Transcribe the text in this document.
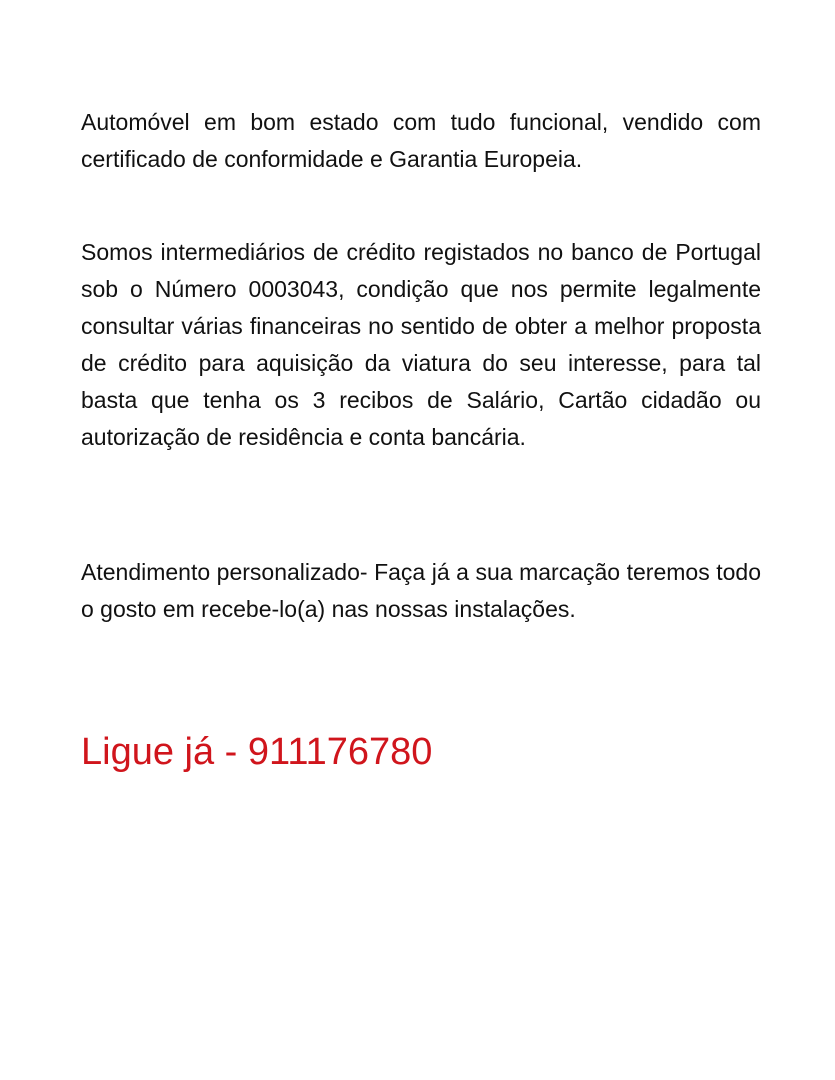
Automóvel em bom estado com tudo funcional, vendido com certificado de conformidade e Garantia Europeia.

Somos intermediários de crédito registados no banco de Portugal sob o Número 0003043, condição que nos permite legalmente consultar várias financeiras no sentido de obter a melhor proposta de crédito para aquisição da viatura do seu interesse, para tal basta que tenha os 3 recibos de Salário, Cartão cidadão ou autorização de residência e conta bancária.

Atendimento personalizado- Faça já a sua marcação teremos todo o gosto em recebe-lo(a) nas nossas instalações.

Ligue já - 911176780
